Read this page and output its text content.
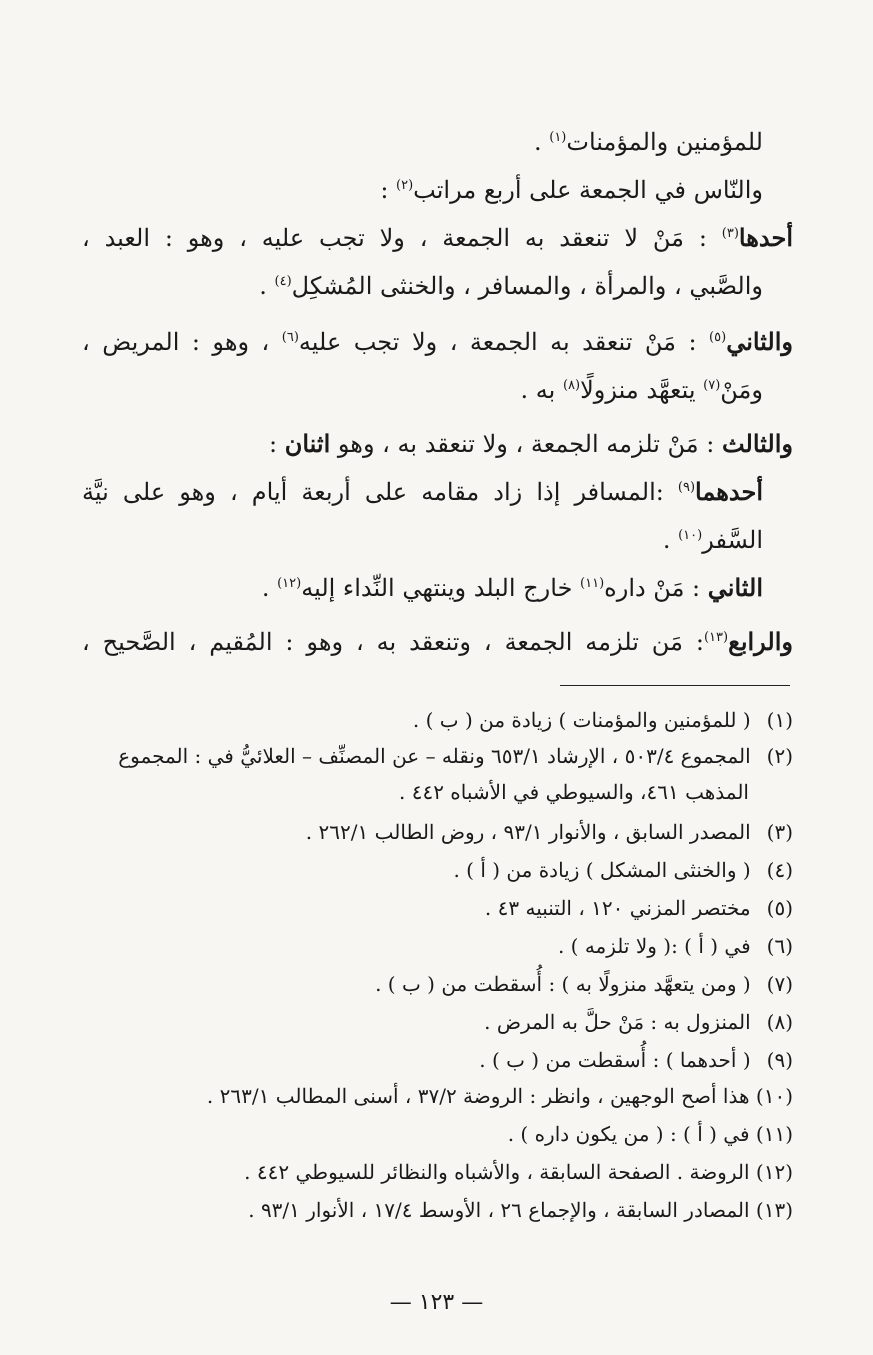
للمؤمنين والمؤمنات$^{(١)}$ .
والنّاس في الجمعة على أربع مراتب$^{(٢)}$ :
أحدها$^{(٣)}$ : مَنْ لا تنعقد به الجمعة ، ولا تجب عليه ، وهو : العبد ،
والصَّبي ، والمرأة ، والمسافر ، والخنثى المُشكِل$^{(٤)}$ .
والثاني$^{(٥)}$ : مَنْ تنعقد به الجمعة ، ولا تجب عليه$^{(٦)}$ ، وهو : المريض ،
ومَنْ$^{(٧)}$ يتعهَّد منزولًا$^{(٨)}$ به .
والثالث : مَنْ تلزمه الجمعة ، ولا تنعقد به ، وهو اثنان :
أحدهما$^{(٩)}$ :المسافر إذا زاد مقامه على أربعة أيام ، وهو على نيَّة
السَّفر$^{(١٠)}$ .
الثاني : مَنْ داره$^{(١١)}$ خارج البلد وينتهي النِّداء إليه$^{(١٢)}$ .
والرابع$^{(١٣)}$: مَن تلزمه الجمعة ، وتنعقد به ، وهو : المُقيم ، الصَّحيح ،
(١) ( للمؤمنين والمؤمنات ) زيادة من ( ب ) .
(٢) المجموع ٥٠٣/٤ ، الإرشاد ٦٥٣/١ ونقله – عن المصنِّف – العلائيُّ في : المجموع
المذهب ٤٦١، والسيوطي في الأشباه ٤٤٢ .
(٣) المصدر السابق ، والأنوار ٩٣/١ ، روض الطالب ٢٦٢/١ .
(٤) ( والخنثى المشكل ) زيادة من ( أ ) .
(٥) مختصر المزني ١٢٠ ، التنبيه ٤٣ .
(٦) في ( أ ) :( ولا تلزمه ) .
(٧) ( ومن يتعهَّد منزولًا به ) : أُسقطت من ( ب ) .
(٨) المنزول به : مَنْ حلَّ به المرض .
(٩) ( أحدهما ) : أُسقطت من ( ب ) .
(١٠) هذا أصح الوجهين ، وانظر : الروضة ٣٧/٢ ، أسنى المطالب ٢٦٣/١ .
(١١) في ( أ ) : ( من يكون داره ) .
(١٢) الروضة . الصفحة السابقة ، والأشباه والنظائر للسيوطي ٤٤٢ .
(١٣) المصادر السابقة ، والإجماع ٢٦ ، الأوسط ١٧/٤ ، الأنوار ٩٣/١ .
— ١٢٣ —
